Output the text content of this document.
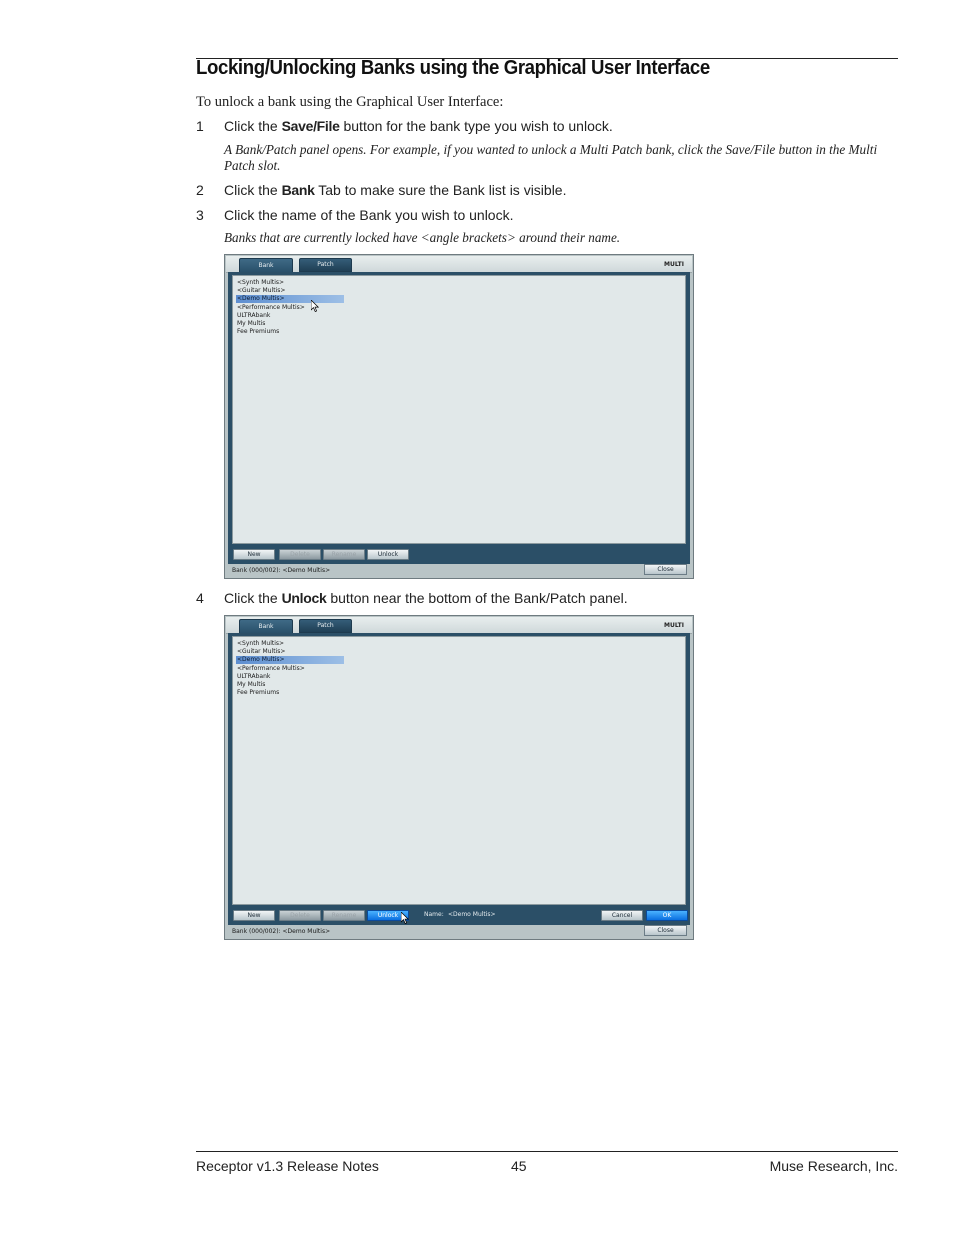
Locking/Unlocking Banks using the Graphical User Interface
To unlock a bank using the Graphical User Interface:
1 Click the Save/File button for the bank type you wish to unlock.
A Bank/Patch panel opens. For example, if you wanted to unlock a Multi Patch bank, click the Save/File button in the Multi Patch slot.
2 Click the Bank Tab to make sure the Bank list is visible.
3 Click the name of the Bank you wish to unlock.
Banks that are currently locked have <angle brackets> around their name.
Bank	Patch	MULTI
<Synth Multis>
<Guitar Multis>
<Demo Multis>
<Performance Multis>
ULTRAbank
My Multis
Fee Premiums
New	Delete	Rename	Unlock
Bank (000/002): <Demo Multis>	Close
4 Click the Unlock button near the bottom of the Bank/Patch panel.
Bank	Patch	MULTI
<Synth Multis>
<Guitar Multis>
<Demo Multis>
<Performance Multis>
ULTRAbank
My Multis
Fee Premiums
New	Delete	Rename	Unlock	Name: <Demo Multis>	Cancel	OK
Bank (000/002): <Demo Multis>	Close
Receptor v1.3 Release Notes	45	Muse Research, Inc.
